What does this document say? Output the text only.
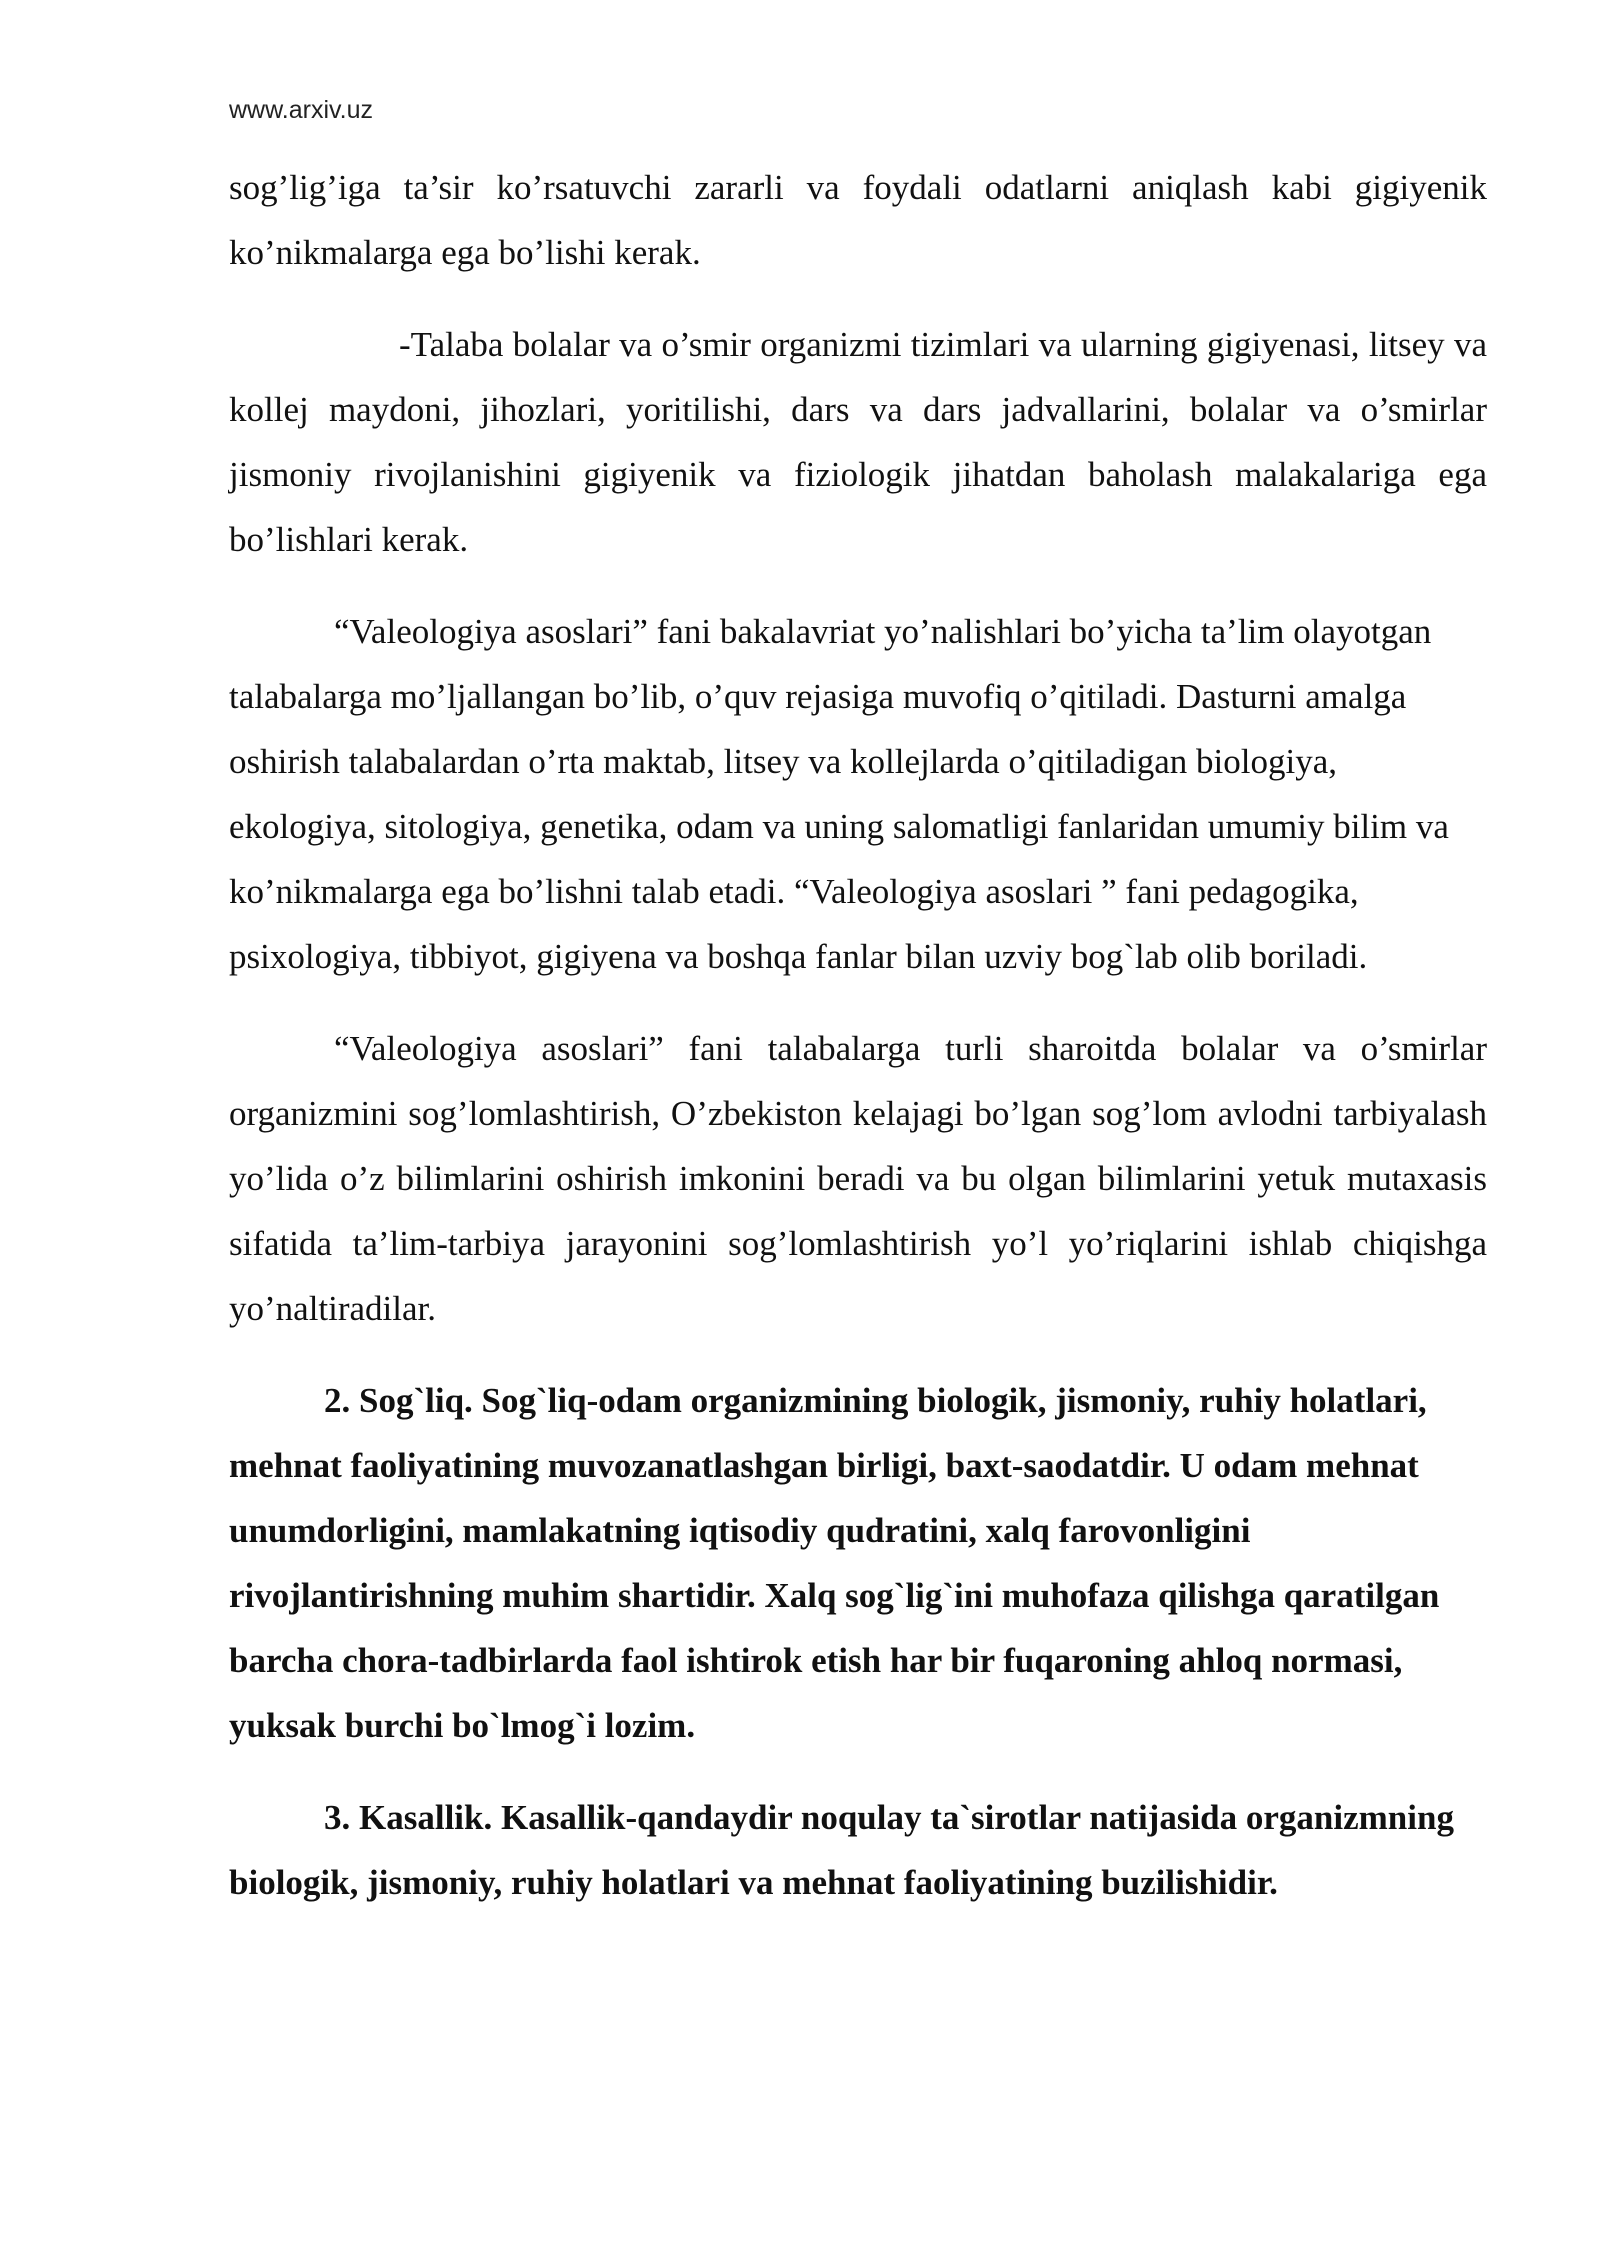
www.arxiv.uz

sog’lig’iga ta’sir ko’rsatuvchi zararli va foydali odatlarni aniqlash kabi gigiyenik ko’nikmalarga ega bo’lishi kerak.

-Talaba bolalar va o’smir organizmi tizimlari va ularning gigiyenasi, litsey va kollej maydoni, jihozlari, yoritilishi, dars va dars jadvallarini, bolalar va o’smirlar jismoniy rivojlanishini gigiyenik va fiziologik jihatdan baholash malakalariga ega bo’lishlari kerak.

“Valeologiya asoslari” fani bakalavriat yo’nalishlari bo’yicha ta’lim olayotgan talabalarga mo’ljallangan bo’lib, o’quv rejasiga muvofiq o’qitiladi. Dasturni amalga oshirish talabalardan o’rta maktab, litsey va kollejlarda o’qitiladigan biologiya, ekologiya, sitologiya, genetika, odam va uning salomatligi fanlaridan umumiy bilim va ko’nikmalarga ega bo’lishni talab etadi. “Valeologiya asoslari ” fani pedagogika, psixologiya, tibbiyot, gigiyena va boshqa fanlar bilan uzviy bog`lab olib boriladi.

“Valeologiya asoslari” fani talabalarga turli sharoitda bolalar va o’smirlar organizmini sog’lomlashtirish, O’zbekiston kelajagi bo’lgan sog’lom avlodni tarbiyalash yo’lida o’z bilimlarini oshirish imkonini beradi va bu olgan bilimlarini yetuk mutaxasis sifatida ta’lim-tarbiya jarayonini sog’lomlashtirish yo’l yo’riqlarini ishlab chiqishga yo’naltiradilar.

2. Sog`liq. Sog`liq-odam organizmining biologik, jismoniy, ruhiy holatlari, mehnat faoliyatining muvozanatlashgan birligi, baxt-saodatdir. U odam mehnat unumdorligini, mamlakatning iqtisodiy qudratini, xalq farovonligini rivojlantirishning muhim shartidir. Xalq sog`lig`ini muhofaza qilishga qaratilgan barcha chora-tadbirlarda faol ishtirok etish har bir fuqaroning ahloq normasi, yuksak burchi bo`lmog`i lozim.

3. Kasallik. Kasallik-qandaydir noqulay ta`sirotlar natijasida organizmning biologik, jismoniy, ruhiy holatlari va mehnat faoliyatining buzilishidir.
